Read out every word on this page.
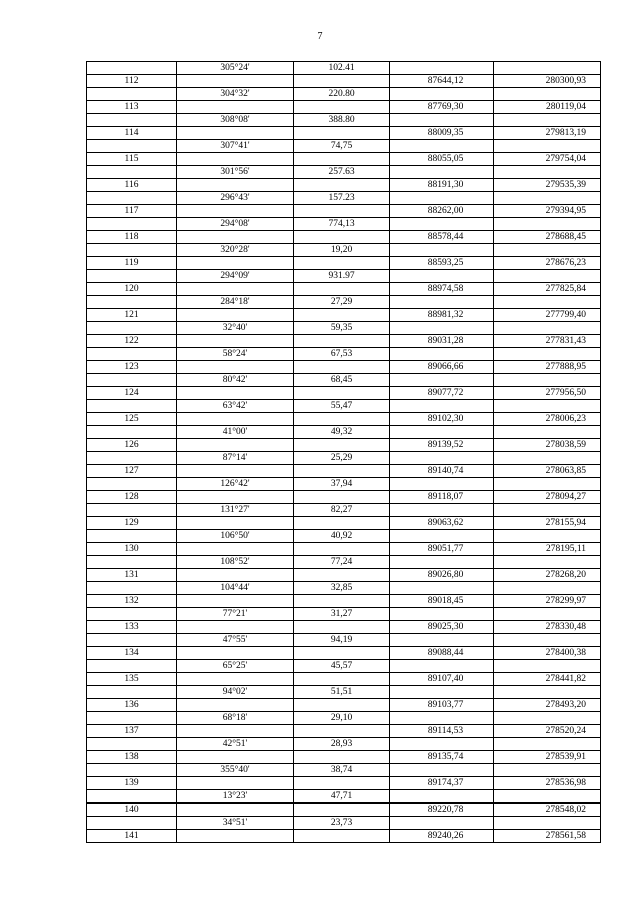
7
	305°24'	102.41		
112			87644,12	280300,93
	304°32'	220.80		
113			87769,30	280119,04
	308°08'	388.80		
114			88009,35	279813,19
	307°41'	74,75		
115			88055,05	279754,04
	301°56'	257.63		
116			88191,30	279535,39
	296°43'	157.23		
117			88262,00	279394,95
	294°08'	774,13		
118			88578,44	278688,45
	320°28'	19,20		
119			88593,25	278676,23
	294°09'	931.97		
120			88974,58	277825,84
	284°18'	27,29		
121			88981,32	277799,40
	32°40'	59,35		
122			89031,28	277831,43
	58°24'	67,53		
123			89066,66	277888,95
	80°42'	68,45		
124			89077,72	277956,50
	63°42'	55,47		
125			89102,30	278006,23
	41°00'	49,32		
126			89139,52	278038,59
	87°14'	25,29		
127			89140,74	278063,85
	126°42'	37,94		
128			89118,07	278094,27
	131°27'	82,27		
129			89063,62	278155,94
	106°50'	40,92		
130			89051,77	278195,11
	108°52'	77,24		
131			89026,80	278268,20
	104°44'	32,85		
132			89018,45	278299,97
	77°21'	31,27		
133			89025,30	278330,48
	47°55'	94,19		
134			89088,44	278400,38
	65°25'	45,57		
135			89107,40	278441,82
	94°02'	51,51		
136			89103,77	278493,20
	68°18'	29,10		
137			89114,53	278520,24
	42°51'	28,93		
138			89135,74	278539,91
	355°40'	38,74		
139			89174,37	278536,98
	13°23'	47,71		
140			89220,78	278548,02
	34°51'	23,73		
141			89240,26	278561,58
